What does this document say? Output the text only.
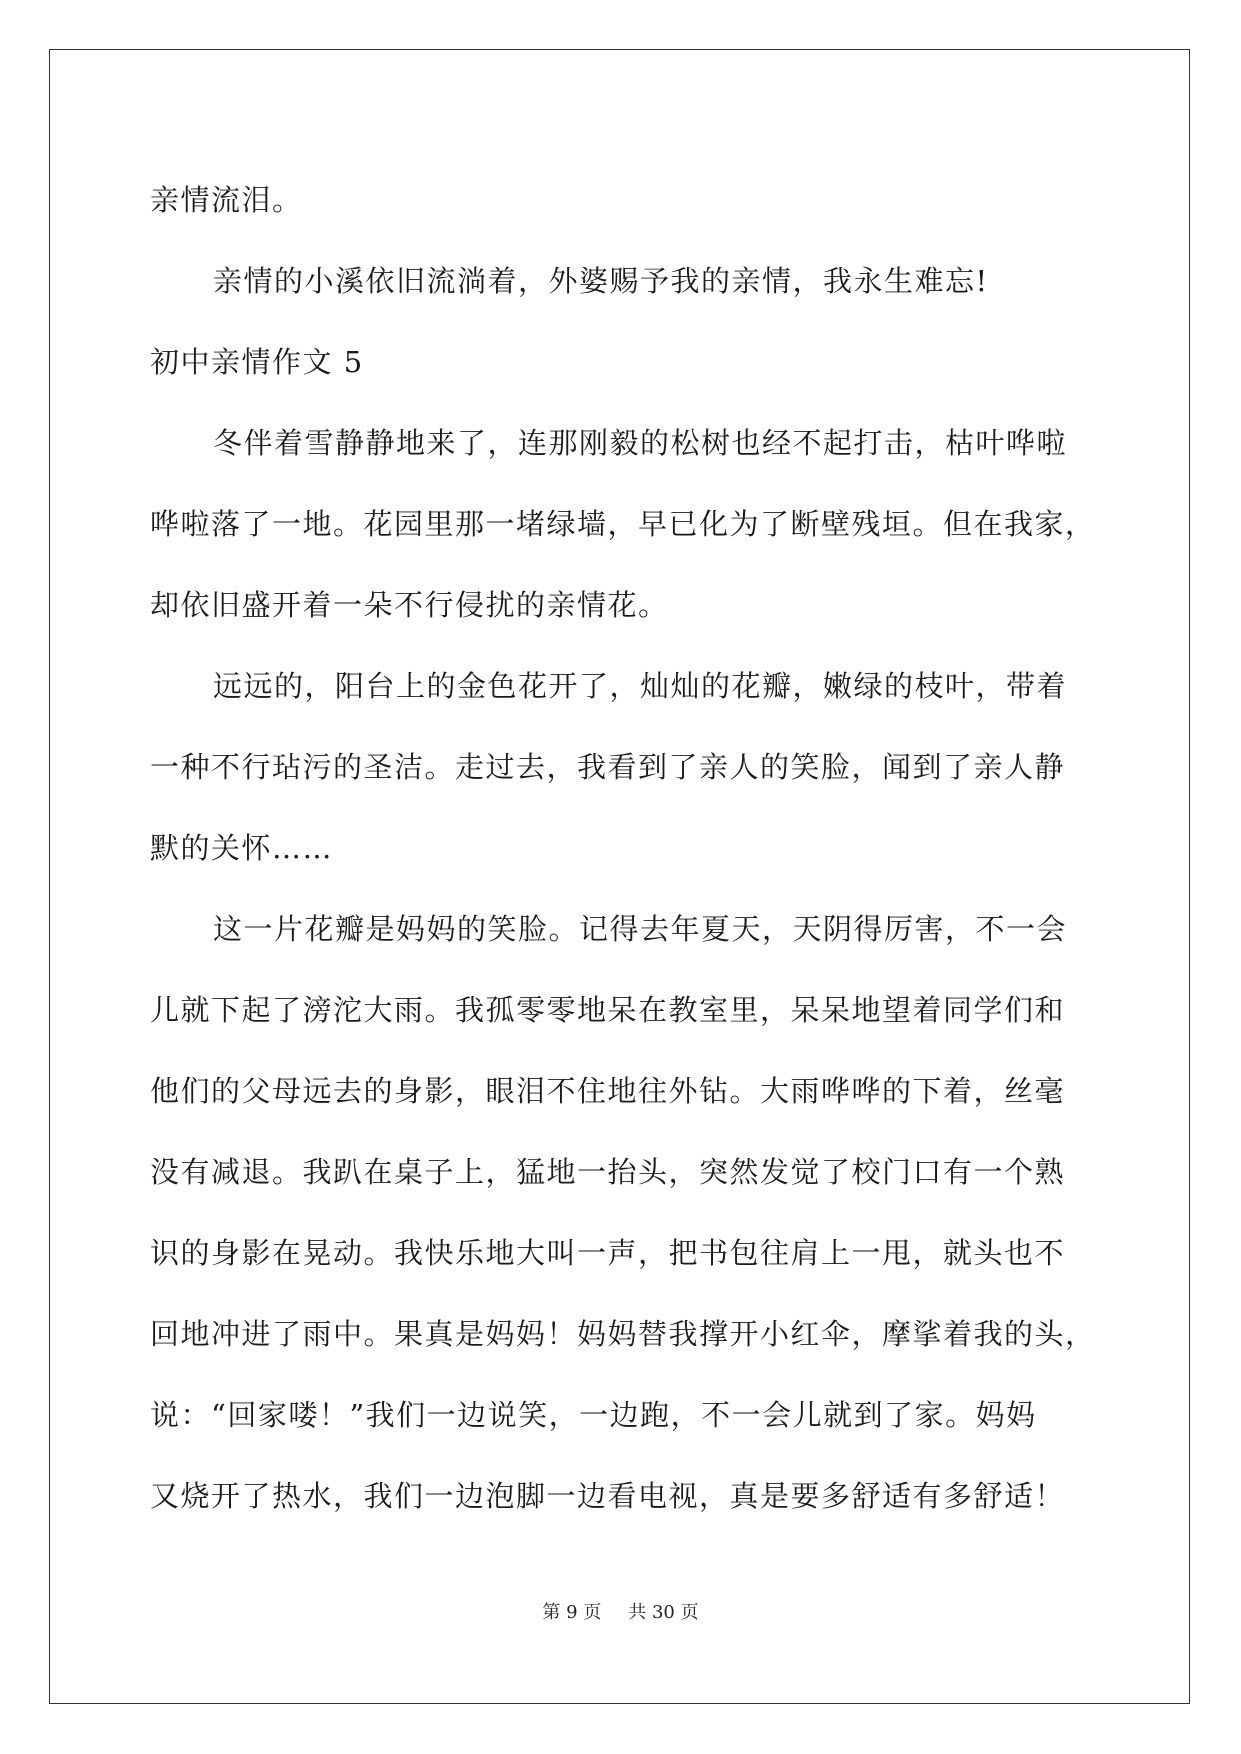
亲情流泪。

亲情的小溪依旧流淌着，外婆赐予我的亲情，我永生难忘!

初中亲情作文 5

冬伴着雪静静地来了，连那刚毅的松树也经不起打击，枯叶哗啦

哗啦落了一地。花园里那一堵绿墙，早已化为了断壁残垣。但在我家，

却依旧盛开着一朵不行侵扰的亲情花。

远远的，阳台上的金色花开了，灿灿的花瓣，嫩绿的枝叶，带着

一种不行玷污的圣洁。走过去，我看到了亲人的笑脸，闻到了亲人静

默的关怀……

这一片花瓣是妈妈的笑脸。记得去年夏天，天阴得厉害，不一会

儿就下起了滂沱大雨。我孤零零地呆在教室里，呆呆地望着同学们和

他们的父母远去的身影，眼泪不住地往外钻。大雨哗哗的下着，丝毫

没有减退。我趴在桌子上，猛地一抬头，突然发觉了校门口有一个熟

识的身影在晃动。我快乐地大叫一声，把书包往肩上一甩，就头也不

回地冲进了雨中。果真是妈妈！妈妈替我撑开小红伞，摩挲着我的头，

说：“回家喽！”我们一边说笑，一边跑，不一会儿就到了家。妈妈

又烧开了热水，我们一边泡脚一边看电视，真是要多舒适有多舒适！

第 9 页 共 30 页
